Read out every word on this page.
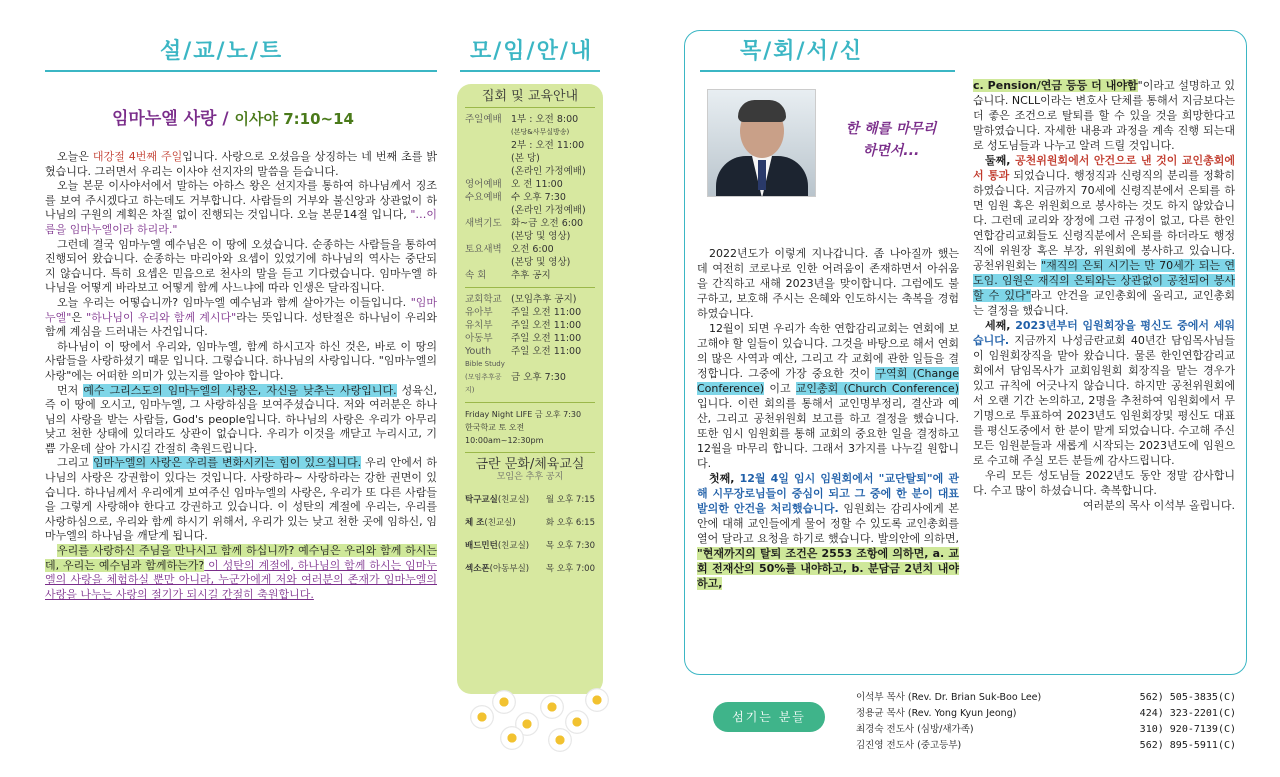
설/교/노/트
임마누엘 사랑 / 이사야 7:10~14

오늘은 대강절 4번째 주일입니다. 사랑으로 오셨음을 상징하는 네 번째 초를 밝혔습니다. 그러면서 우리는 이사야 선지자의 말씀을 듣습니다.

오늘 본문 이사야서에서 말하는 아하스 왕은 선지자를 통하여 하나님께서 징조를 보여 주시겠다고 하는데도 거부합니다. 사람들의 거부와 불신앙과 상관없이 하나님의 구원의 계획은 차질 없이 진행되는 것입니다. 오늘 본문14절 입니다, "…이름을 임마누엘이라 하리라."

그런데 결국 임마누엘 예수님은 이 땅에 오셨습니다. 순종하는 사람들을 통하여 진행되어 왔습니다. 순종하는 마리아와 요셉이 있었기에 하나님의 역사는 중단되지 않습니다. 특히 요셉은 믿음으로 천사의 말을 듣고 기다렸습니다. 임마누엘 하나님을 어떻게 바라보고 어떻게 함께 사느냐에 따라 인생은 달라집니다.

오늘 우리는 어떻습니까? 임마누엘 예수님과 함께 살아가는 이들입니다. "임마누엘"은 "하나님이 우리와 함께 계시다"라는 뜻입니다. 성탄절은 하나님이 우리와 함께 계심을 드러내는 사건입니다.

하나님이 이 땅에서 우리와, 임마누엘, 함께 하시고자 하신 것은, 바로 이 땅의 사람들을 사랑하셨기 때문 입니다. 그렇습니다. 하나님의 사랑입니다. "임마누엘의 사랑"에는 어떠한 의미가 있는지를 알아야 합니다.

먼저 예수 그리스도의 임마누엘의 사랑은, 자신을 낮추는 사랑입니다. 성육신, 즉 이 땅에 오시고, 임마누엘, 그 사랑하심을 보여주셨습니다. 저와 여러분은 하나님의 사랑을 받는 사람들, God's people입니다. 하나님의 사랑은 우리가 아무리 낮고 천한 상태에 있더라도 상관이 없습니다. 우리가 이것을 깨닫고 누리시고, 기쁨 가운데 살아 가시길 간절히 축원드립니다.

그리고 임마누엘의 사랑은 우리를 변화시키는 힘이 있으십니다. 우리 안에서 하나님의 사랑은 강권함이 있다는 것입니다. 사랑하라~ 사랑하라는 강한 권면이 있습니다. 하나님께서 우리에게 보여주신 임마누엘의 사랑은, 우리가 또 다른 사람들을 그렇게 사랑해야 한다고 강권하고 있습니다. 이 성탄의 계절에 우리는, 우리를 사랑하심으로, 우리와 함께 하시기 위해서, 우리가 있는 낮고 천한 곳에 임하신, 임마누엘의 하나님을 깨닫게 됩니다.

우리를 사랑하신 주님을 만나시고 함께 하십니까? 예수님은 우리와 함께 하시는데, 우리는 예수님과 함께하는가? 이 성탄의 계절에, 하나님의 함께 하시는 임마누엘의 사랑을 체험하실 뿐만 아니라, 누군가에게 저와 여러분의 존재가 임마누엘의 사랑을 나누는 사랑의 절기가 되시길 간절히 축원합니다.

모/임/안/내
집회 및 교육안내
주일예배 1부 : 오전 8:00
(본당&사무실방송)
2부 : 오전 11:00
(본 당)
(온라인 가정예배)
영어예배 오 전 11:00
수요예배 수 오후 7:30
(온라인 가정예배)
새벽기도 화~금 오전 6:00
(본당 및 영상)
토요새벽 오전 6:00
(본당 및 영상)
속 회	추후 공지
교회학교 (모임추후 공지)
유아부	주일 오전 11:00
유치부	주일 오전 11:00
아동부	주일 오전 11:00
Youth	주일 오전 11:00
Bible Study
(모임추후공지)
금 오후 7:30
Friday Night LIFE 금 오후 7:30
한국학교 토 오전 10:00am~12:30pm
금란 문화/체육교실
모임은 추후 공지
탁구교실(친교실) 월 오후 7:15
체 조(친교실)	화 오후 6:15
배드민턴(친교실) 목 오후 7:30
섹소폰(아동부실) 목 오후 7:00
목/회/서/신
한 해를 마무리
하면서...

2022년도가 이렇게 지나갑니다. 좀 나아질까 했는데 여전히 코로나로 인한 어려움이 존재하면서 아쉬움을 간직하고 새해 2023년을 맞이합니다. 그럼에도 불구하고, 보호해 주시는 은혜와 인도하시는 축복을 경험하였습니다.

12월이 되면 우리가 속한 연합감리교회는 연회에 보고해야 할 일들이 있습니다. 그것을 바탕으로 해서 연회의 많은 사역과 예산, 그리고 각 교회에 관한 일들을 결정합니다. 그중에 가장 중요한 것이 구역회 (Change Conference) 이고 교인총회 (Church Conference) 입니다. 이런 회의를 통해서 교인명부정리, 결산과 예산, 그리고 공천위원회 보고를 하고 결정을 했습니다. 또한 임시 임원회를 통해 교회의 중요한 일을 결정하고 12월을 마무리 합니다. 그래서 3가지를 나누길 원합니다.

첫째, 12월 4일 임시 임원회에서 "교단탈퇴"에 관해 시무장로님들이 중심이 되고 그 중에 한 분이 대표 발의한 안건을 처리했습니다. 임원회는 감리사에게 본안에 대해 교인들에게 물어 정할 수 있도록 교인총회를 열어 달라고 요청을 하기로 했습니다. 발의안에 의하면, "현재까지의 탈퇴 조건은 2553 조항에 의하면, a. 교회 전재산의 50%를 내야하고, b. 분담금 2년치 내야하고,

c. Pension/연금 등등 더 내야함"이라고 설명하고 있습니다. NCLL이라는 변호사 단체를 통해서 지금보다는 더 좋은 조건으로 탈퇴를 할 수 있을 것을 희망한다고 말하였습니다. 자세한 내용과 과정을 계속 진행 되는대로 성도님들과 나누고 알려 드릴 것입니다.

둘째, 공천위원회에서 안건으로 낸 것이 교인총회에서 통과 되었습니다. 행정직과 신령직의 분리를 정확히 하였습니다. 지금까지 70세에 신령직분에서 은퇴를 하면 임원 혹은 위원회으로 봉사하는 것도 하지 않았습니다. 그런데 교리와 장정에 그런 규정이 없고, 다른 한인연합감리교회들도 신령직분에서 은퇴를 하더라도 행정직에 위원장 혹은 부장, 위원회에 봉사하고 있습니다. 공천위원회는 "재직의 은퇴 시기는 만 70세가 되는 연도임. 임원은 재직의 은퇴와는 상관없이 공천되어 봉사 할 수 있다"라고 안건을 교인총회에 올리고, 교인총회는 결정을 했습니다.

세째, 2023년부터 임원회장을 평신도 중에서 세워습니다. 지금까지 나성금란교회 40년간 담임목사님들이 임원회장직을 맡아 왔습니다. 물론 한인연합감리교회에서 담임목사가 교회임원회 회장직을 맡는 경우가 있고 규칙에 어긋나지 않습니다. 하지만 공천위원회에서 오랜 기간 논의하고, 2명을 추천하여 임원회에서 무기명으로 투표하여 2023년도 임원회장및 평신도 대표를 평신도중에서 한 분이 맡게 되었습니다. 수고해 주신 모든 임원분들과 새롭게 시작되는 2023년도에 임원으로 수고해 주실 모든 분들께 감사드립니다.

우리 모든 성도님들 2022년도 동안 정말 감사합니다. 수고 많이 하셨습니다. 축복합니다.

여러분의 목사 이석부 올립니다.

섬기는 분들
이석부 목사 (Rev. Dr. Brian Suk-Boo Lee)	562) 505-3835(C)
정용균 목사 (Rev. Yong Kyun Jeong)	424) 323-2201(C)
최경숙 전도사 (심방/새가족)	310) 920-7139(C)
김진영 전도사 (중고등부)	562) 895-5911(C)
